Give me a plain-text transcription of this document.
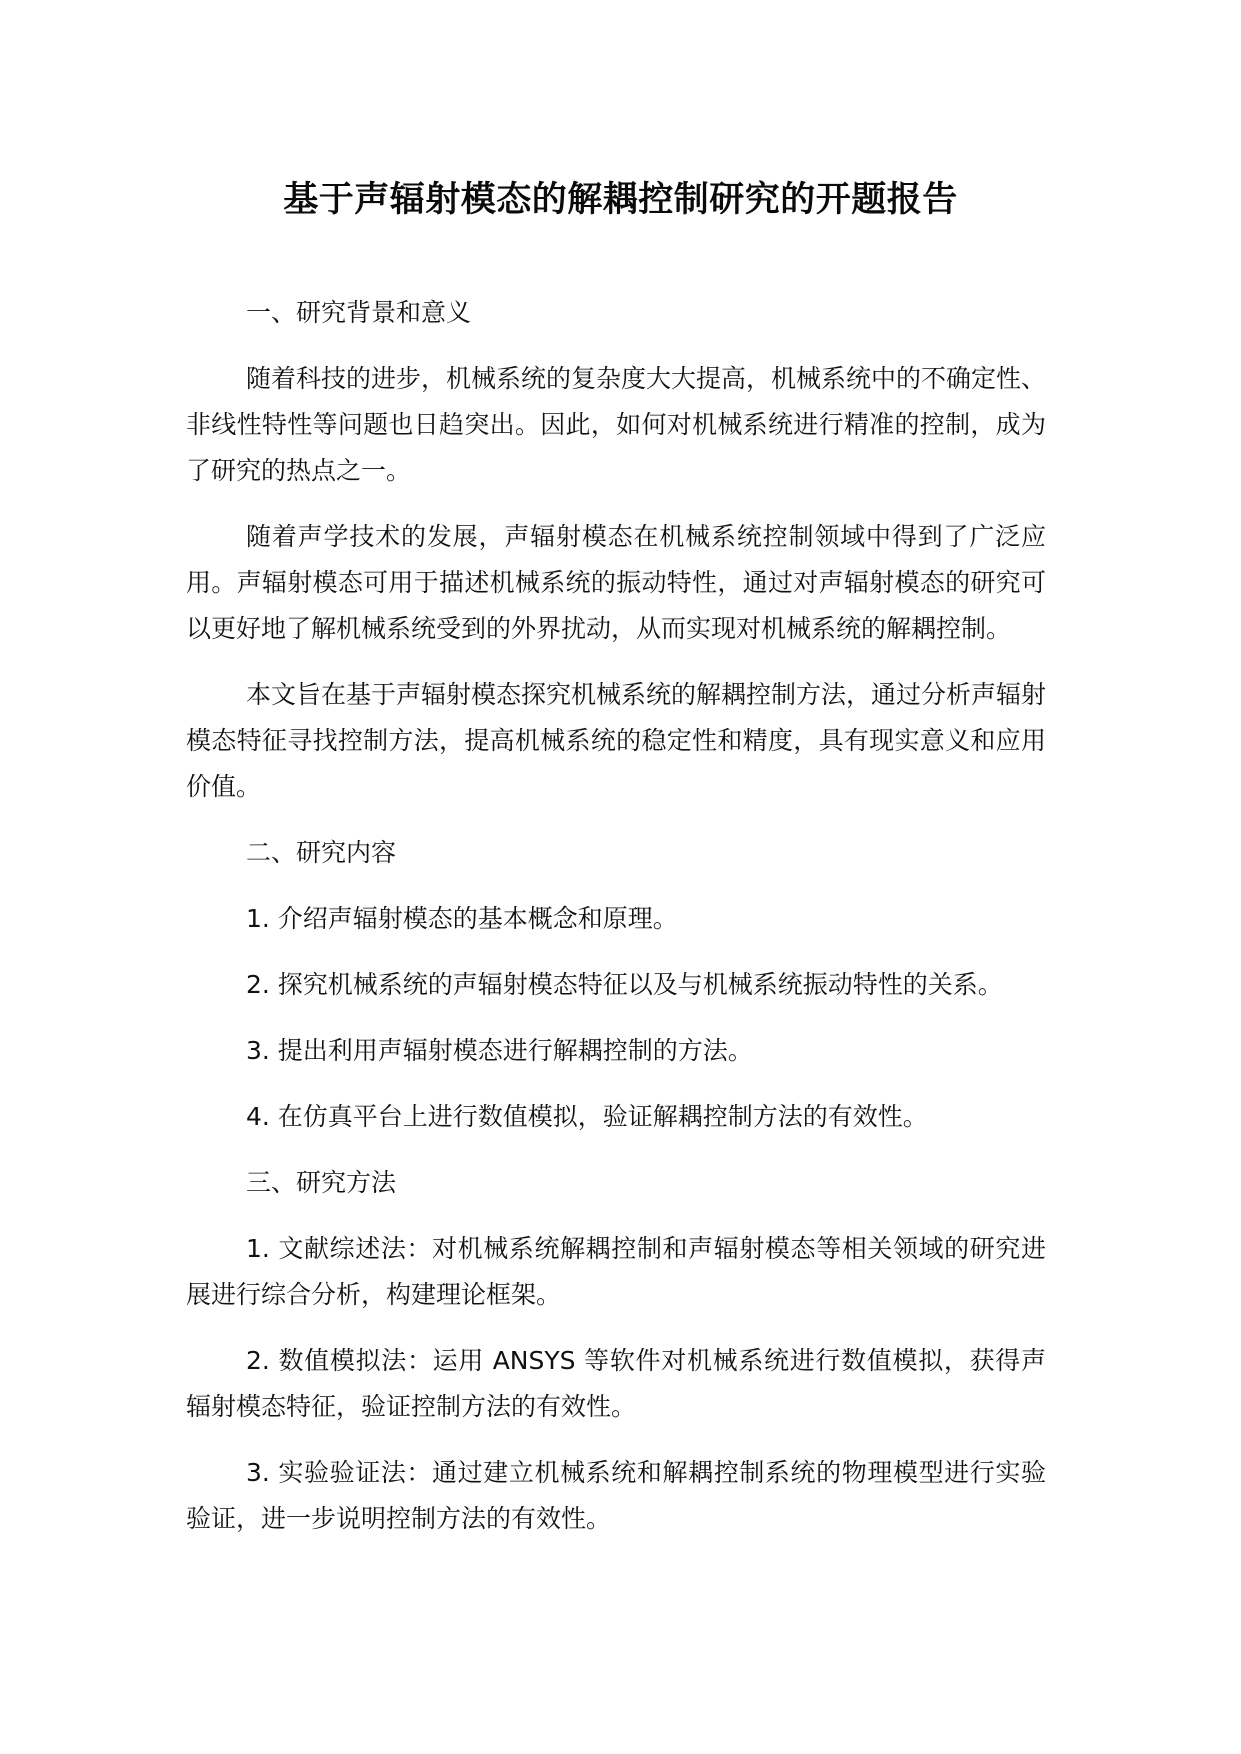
基于声辐射模态的解耦控制研究的开题报告
一、研究背景和意义
随着科技的进步，机械系统的复杂度大大提高，机械系统中的不确定性、非线性特性等问题也日趋突出。因此，如何对机械系统进行精准的控制，成为了研究的热点之一。
随着声学技术的发展，声辐射模态在机械系统控制领域中得到了广泛应用。声辐射模态可用于描述机械系统的振动特性，通过对声辐射模态的研究可以更好地了解机械系统受到的外界扰动，从而实现对机械系统的解耦控制。
本文旨在基于声辐射模态探究机械系统的解耦控制方法，通过分析声辐射模态特征寻找控制方法，提高机械系统的稳定性和精度，具有现实意义和应用价值。
二、研究内容
1. 介绍声辐射模态的基本概念和原理。
2. 探究机械系统的声辐射模态特征以及与机械系统振动特性的关系。
3. 提出利用声辐射模态进行解耦控制的方法。
4. 在仿真平台上进行数值模拟，验证解耦控制方法的有效性。
三、研究方法
1. 文献综述法：对机械系统解耦控制和声辐射模态等相关领域的研究进展进行综合分析，构建理论框架。
2. 数值模拟法：运用 ANSYS 等软件对机械系统进行数值模拟，获得声辐射模态特征，验证控制方法的有效性。
3. 实验验证法：通过建立机械系统和解耦控制系统的物理模型进行实验验证，进一步说明控制方法的有效性。
